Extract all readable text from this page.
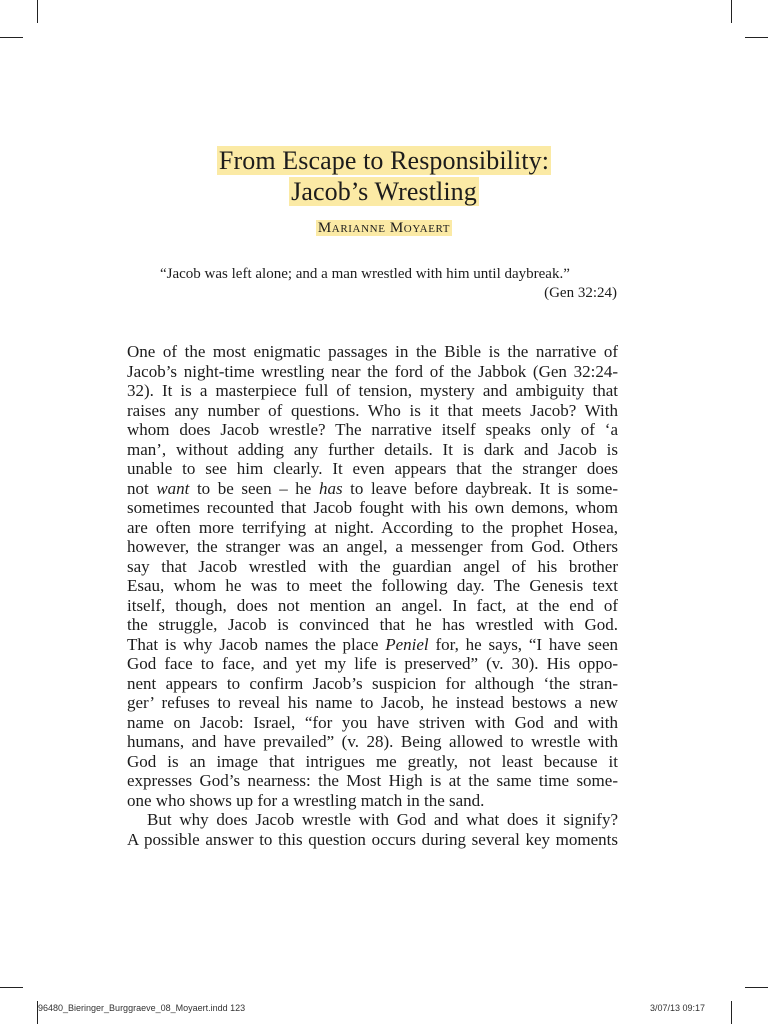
From Escape to Responsibility:
Jacob’s Wrestling
Marianne Moyaert
“Jacob was left alone; and a man wrestled with him until daybreak.”
(Gen 32:24)
One of the most enigmatic passages in the Bible is the narrative of
Jacob’s night-time wrestling near the ford of the Jabbok (Gen 32:24-
32). It is a masterpiece full of tension, mystery and ambiguity that
raises any number of questions. Who is it that meets Jacob? With
whom does Jacob wrestle? The narrative itself speaks only of ‘a
man’, without adding any further details. It is dark and Jacob is
unable to see him clearly. It even appears that the stranger does
not want to be seen – he has to leave before daybreak. It is some-
sometimes recounted that Jacob fought with his own demons, whom
are often more terrifying at night. According to the prophet Hosea,
however, the stranger was an angel, a messenger from God. Others
say that Jacob wrestled with the guardian angel of his brother
Esau, whom he was to meet the following day. The Genesis text
itself, though, does not mention an angel. In fact, at the end of
the struggle, Jacob is convinced that he has wrestled with God.
That is why Jacob names the place Peniel for, he says, “I have seen
God face to face, and yet my life is preserved” (v. 30). His oppo-
nent appears to confirm Jacob’s suspicion for although ‘the stran-
ger’ refuses to reveal his name to Jacob, he instead bestows a new
name on Jacob: Israel, “for you have striven with God and with
humans, and have prevailed” (v. 28). Being allowed to wrestle with
God is an image that intrigues me greatly, not least because it
expresses God’s nearness: the Most High is at the same time some-
one who shows up for a wrestling match in the sand.
But why does Jacob wrestle with God and what does it signify?
A possible answer to this question occurs during several key moments
96480_Bieringer_Burggraeve_08_Moyaert.indd 123	3/07/13 09:17
